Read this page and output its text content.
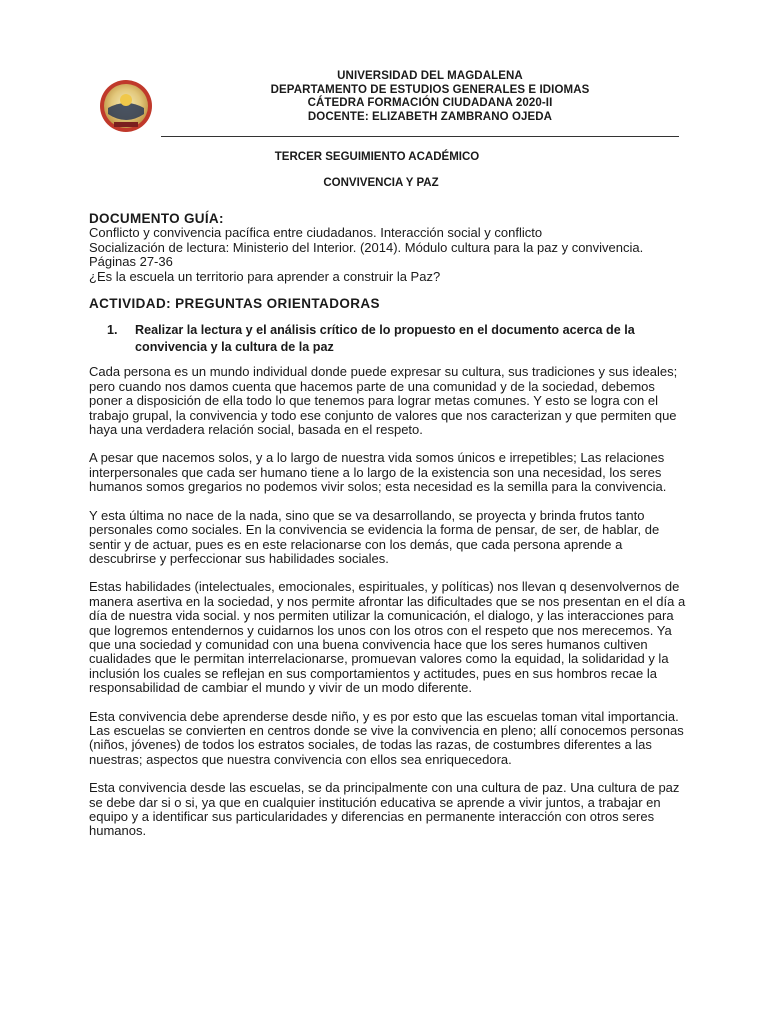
UNIVERSIDAD DEL MAGDALENA
DEPARTAMENTO DE ESTUDIOS GENERALES E IDIOMAS
CÁTEDRA FORMACIÓN CIUDADANA 2020-II
DOCENTE: ELIZABETH ZAMBRANO OJEDA
TERCER SEGUIMIENTO ACADÉMICO
CONVIVENCIA Y PAZ
DOCUMENTO GUÍA:

Conflicto y convivencia pacífica entre ciudadanos. Interacción social y conflicto

Socialización de lectura: Ministerio del Interior. (2014). Módulo cultura para la paz y convivencia. Páginas 27-36

¿Es la escuela un territorio para aprender a construir la Paz?

ACTIVIDAD: PREGUNTAS ORIENTADORAS
1.	Realizar la lectura y el análisis crítico de lo propuesto en el documento acerca de la convivencia y la cultura de la paz

Cada persona es un mundo individual donde puede expresar su cultura, sus tradiciones y sus ideales; pero cuando nos damos cuenta que hacemos parte de una comunidad y de la sociedad, debemos poner a disposición de ella todo lo que tenemos para lograr metas comunes. Y esto se logra con el trabajo grupal, la convivencia y todo ese conjunto de valores que nos caracterizan y que permiten que haya una verdadera relación social, basada en el respeto.

A pesar que nacemos solos, y a lo largo de nuestra vida somos únicos e irrepetibles; Las relaciones interpersonales que cada ser humano tiene a lo largo de la existencia son una necesidad, los seres humanos somos gregarios no podemos vivir solos; esta necesidad es la semilla para la convivencia.

Y esta última no nace de la nada, sino que se va desarrollando, se proyecta y brinda frutos tanto personales como sociales. En la convivencia se evidencia la forma de pensar, de ser, de hablar, de sentir y de actuar, pues es en este relacionarse con los demás, que cada persona aprende a descubrirse y perfeccionar sus habilidades sociales.

Estas habilidades (intelectuales, emocionales, espirituales, y políticas) nos llevan q desenvolvernos de manera asertiva en la sociedad, y nos permite afrontar las dificultades que se nos presentan en el día a día de nuestra vida social. y nos permiten utilizar la comunicación, el dialogo, y las interacciones para que logremos entendernos y cuidarnos los unos con los otros con el respeto que nos merecemos. Ya que una sociedad y comunidad con una buena convivencia hace que los seres humanos cultiven cualidades que le permitan interrelacionarse, promuevan valores como la equidad, la solidaridad y la inclusión los cuales se reflejan en sus comportamientos y actitudes, pues en sus hombros recae la responsabilidad de cambiar el mundo y vivir de un modo diferente.

Esta convivencia debe aprenderse desde niño, y es por esto que las escuelas toman vital importancia. Las escuelas se convierten en centros donde se vive la convivencia en pleno; allí conocemos personas (niños, jóvenes) de todos los estratos sociales, de todas las razas, de costumbres diferentes a las nuestras; aspectos que nuestra convivencia con ellos sea enriquecedora.

Esta convivencia desde las escuelas, se da principalmente con una cultura de paz. Una cultura de paz se debe dar si o si, ya que en cualquier institución educativa se aprende a vivir juntos, a trabajar en equipo y a identificar sus particularidades y diferencias en permanente interacción con otros seres humanos.
